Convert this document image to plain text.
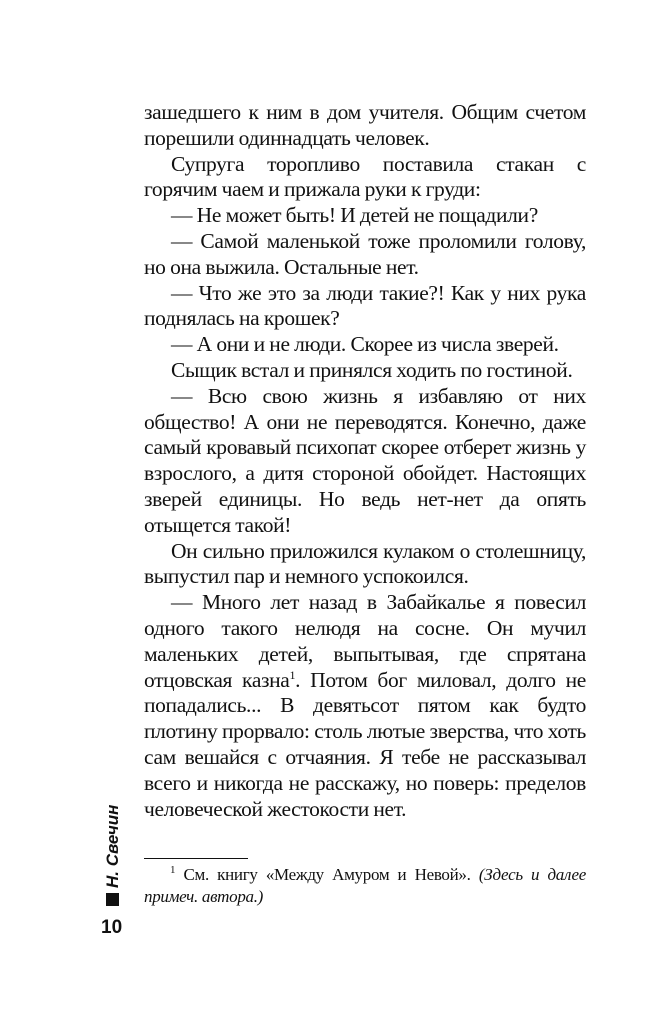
зашедшего к ним в дом учителя. Общим счетом порешили одиннадцать человек.

Супруга торопливо поставила стакан с горячим чаем и прижала руки к груди:

— Не может быть! И детей не пощадили?

— Самой маленькой тоже проломили голову, но она выжила. Остальные нет.

— Что же это за люди такие?! Как у них рука поднялась на крошек?

— А они и не люди. Скорее из числа зверей.

Сыщик встал и принялся ходить по гостиной.

— Всю свою жизнь я избавляю от них общество! А они не переводятся. Конечно, даже самый кровавый психопат скорее отберет жизнь у взрослого, а дитя стороной обойдет. Настоящих зверей единицы. Но ведь нет-нет да опять отыщется такой!

Он сильно приложился кулаком о столешницу, выпустил пар и немного успокоился.

— Много лет назад в Забайкалье я повесил одного такого нелюдя на сосне. Он мучил маленьких детей, выпытывая, где спрятана отцовская казна$^1$. Потом бог миловал, долго не попадались... В девятьсот пятом как будто плотину прорвало: столь лютые зверства, что хоть сам вешайся с отчаяния. Я тебе не рассказывал всего и никогда не расскажу, но поверь: пределов человеческой жестокости нет.

$^1$ См. книгу «Между Амуром и Невой». (Здесь и далее примеч. автора.)
Н. Свечин
10
